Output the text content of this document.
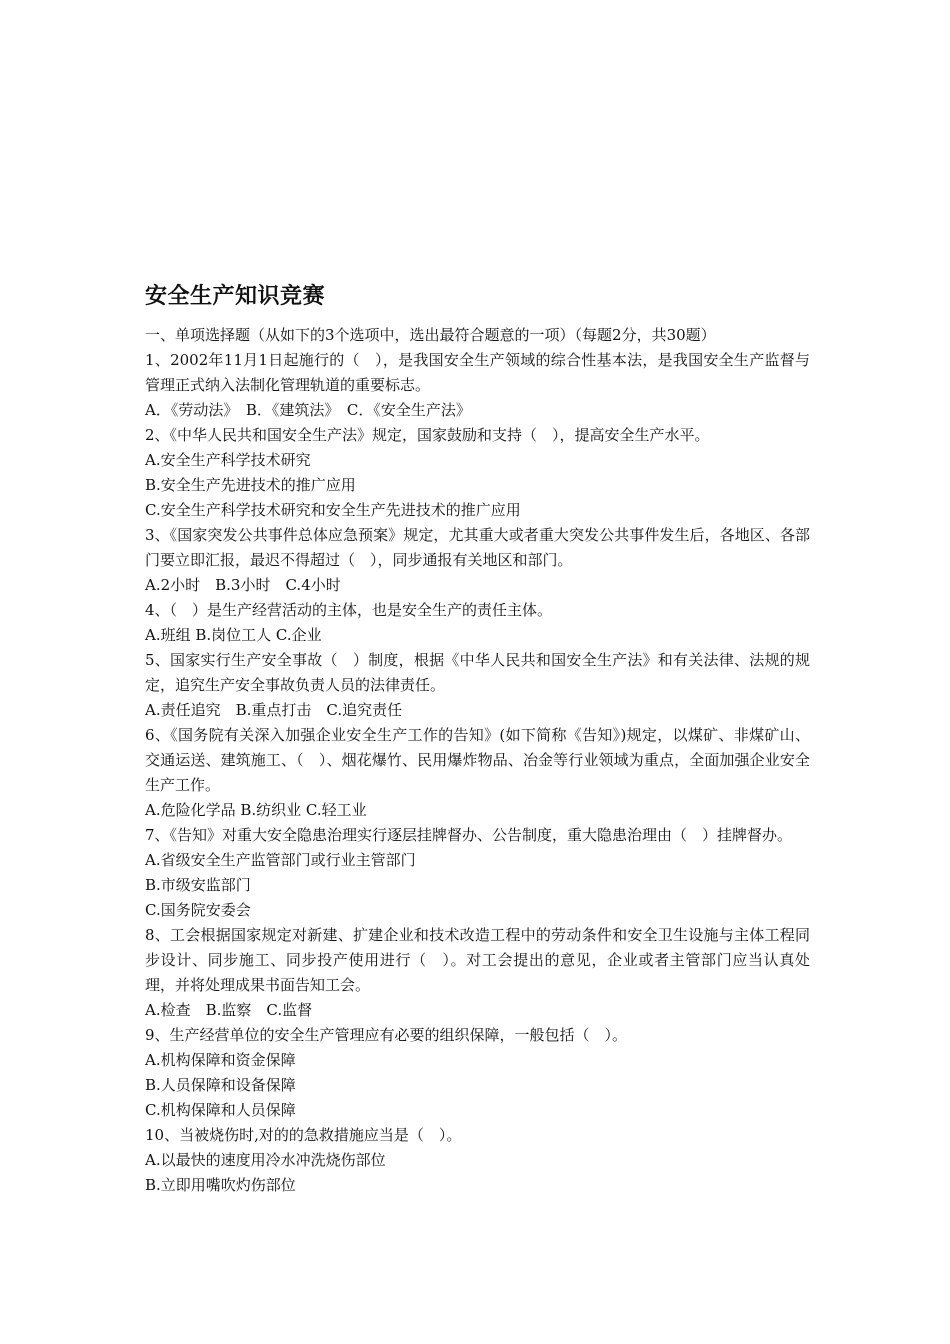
安全生产知识竞赛

一、单项选择题（从如下的3个选项中，选出最符合题意的一项）（每题2分，共30题）

1、2002年11月1日起施行的（　），是我国安全生产领域的综合性基本法，是我国安全生产监督与管理正式纳入法制化管理轨道的重要标志。

A．《劳动法》　B．《建筑法》　C．《安全生产法》

2、《中华人民共和国安全生产法》规定，国家鼓励和支持（　），提高安全生产水平。

A.安全生产科学技术研究

B.安全生产先进技术的推广应用

C.安全生产科学技术研究和安全生产先进技术的推广应用

3、《国家突发公共事件总体应急预案》规定，尤其重大或者重大突发公共事件发生后，各地区、各部门要立即汇报，最迟不得超过（　），同步通报有关地区和部门。

A.2小时　B.3小时　C.4小时

4、（　）是生产经营活动的主体，也是安全生产的责任主体。

A.班组 B.岗位工人 C.企业

5、国家实行生产安全事故（　）制度，根据《中华人民共和国安全生产法》和有关法律、法规的规定，追究生产安全事故负责人员的法律责任。

A.责任追究　B.重点打击　C.追究责任

6、《国务院有关深入加强企业安全生产工作的告知》(如下简称《告知》)规定，以煤矿、非煤矿山、交通运送、建筑施工、（　）、烟花爆竹、民用爆炸物品、冶金等行业领域为重点，全面加强企业安全生产工作。

A.危险化学品 B.纺织业 C.轻工业

7、《告知》对重大安全隐患治理实行逐层挂牌督办、公告制度，重大隐患治理由（　）挂牌督办。

A.省级安全生产监管部门或行业主管部门

B.市级安监部门

C.国务院安委会

8、工会根据国家规定对新建、扩建企业和技术改造工程中的劳动条件和安全卫生设施与主体工程同步设计、同步施工、同步投产使用进行（　）。对工会提出的意见，企业或者主管部门应当认真处理，并将处理成果书面告知工会。

A.检查　B.监察　C.监督

9、生产经营单位的安全生产管理应有必要的组织保障，一般包括（　）。

A.机构保障和资金保障

B.人员保障和设备保障

C.机构保障和人员保障

10、当被烧伤时,对的的急救措施应当是（　）。

A.以最快的速度用冷水冲洗烧伤部位

B.立即用嘴吹灼伤部位
